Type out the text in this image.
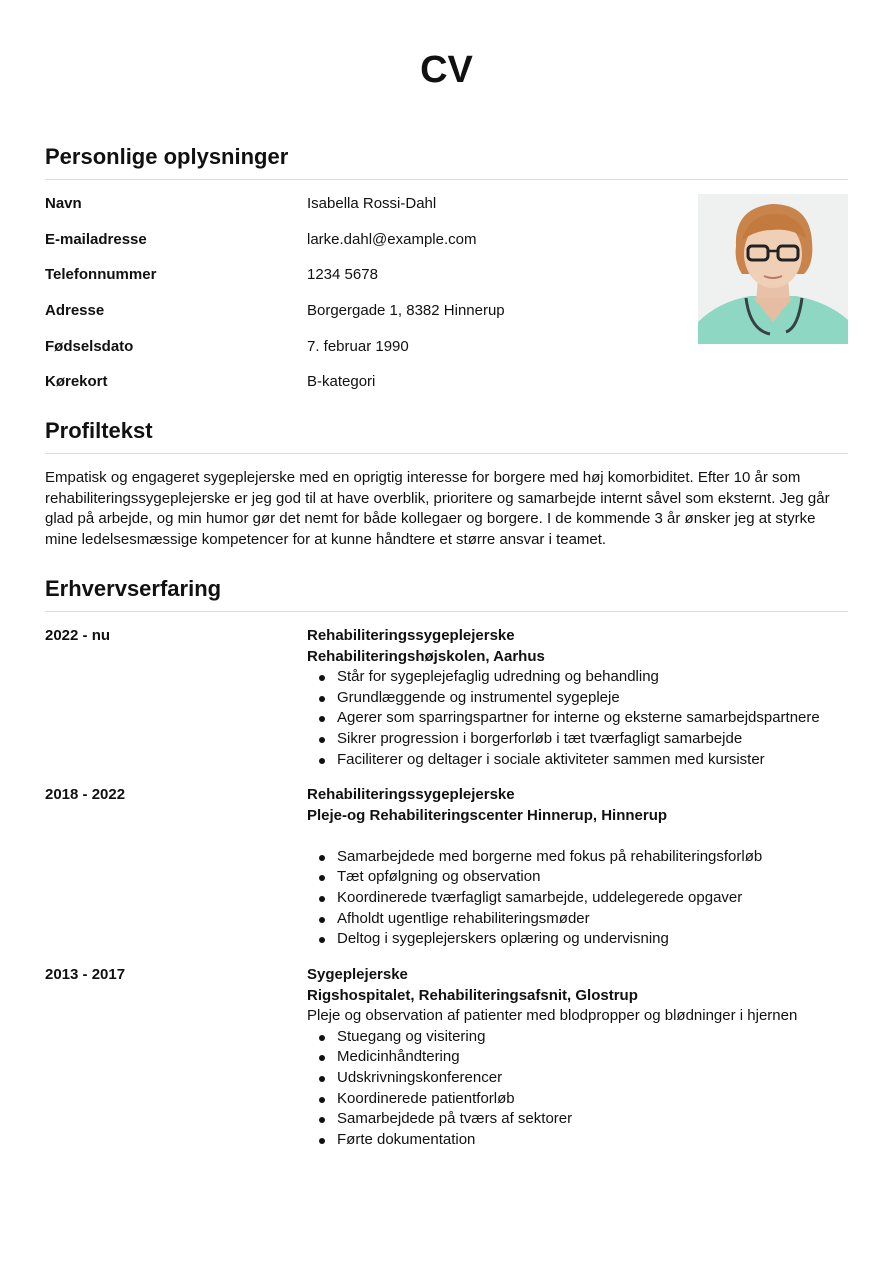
CV
Personlige oplysninger
Navn	Isabella Rossi-Dahl
E-mailadresse	larke.dahl@example.com
Telefonnummer	1234 5678
Adresse	Borgergade 1, 8382 Hinnerup
Fødselsdato	7. februar 1990
Kørekort	B-kategori
Profiltekst

Empatisk og engageret sygeplejerske med en oprigtig interesse for borgere med høj komorbiditet. Efter 10 år som rehabiliteringssygeplejerske er jeg god til at have overblik, prioritere og samarbejde internt såvel som eksternt. Jeg går glad på arbejde, og min humor gør det nemt for både kollegaer og borgere. I de kommende 3 år ønsker jeg at styrke mine ledelsesmæssige kompetencer for at kunne håndtere et større ansvar i teamet.

Erhvervserfaring
2022 - nu	Rehabiliteringssygeplejerske
Rehabiliteringshøjskolen, Aarhus
Står for sygeplejefaglig udredning og behandling
Grundlæggende og instrumentel sygepleje
Agerer som sparringspartner for interne og eksterne samarbejdspartnere
Sikrer progression i borgerforløb i tæt tværfagligt samarbejde
Faciliterer og deltager i sociale aktiviteter sammen med kursister
2018 - 2022	Rehabiliteringssygeplejerske
Pleje-og Rehabiliteringscenter Hinnerup, Hinnerup
Samarbejdede med borgerne med fokus på rehabiliteringsforløb
Tæt opfølgning og observation
Koordinerede tværfagligt samarbejde, uddelegerede opgaver
Afholdt ugentlige rehabiliteringsmøder
Deltog i sygeplejerskers oplæring og undervisning
2013 - 2017	Sygeplejerske
Rigshospitalet, Rehabiliteringsafsnit, Glostrup
Pleje og observation af patienter med blodpropper og blødninger i hjernen
Stuegang og visitering
Medicinhåndtering
Udskrivningskonferencer
Koordinerede patientforløb
Samarbejdede på tværs af sektorer
Førte dokumentation
